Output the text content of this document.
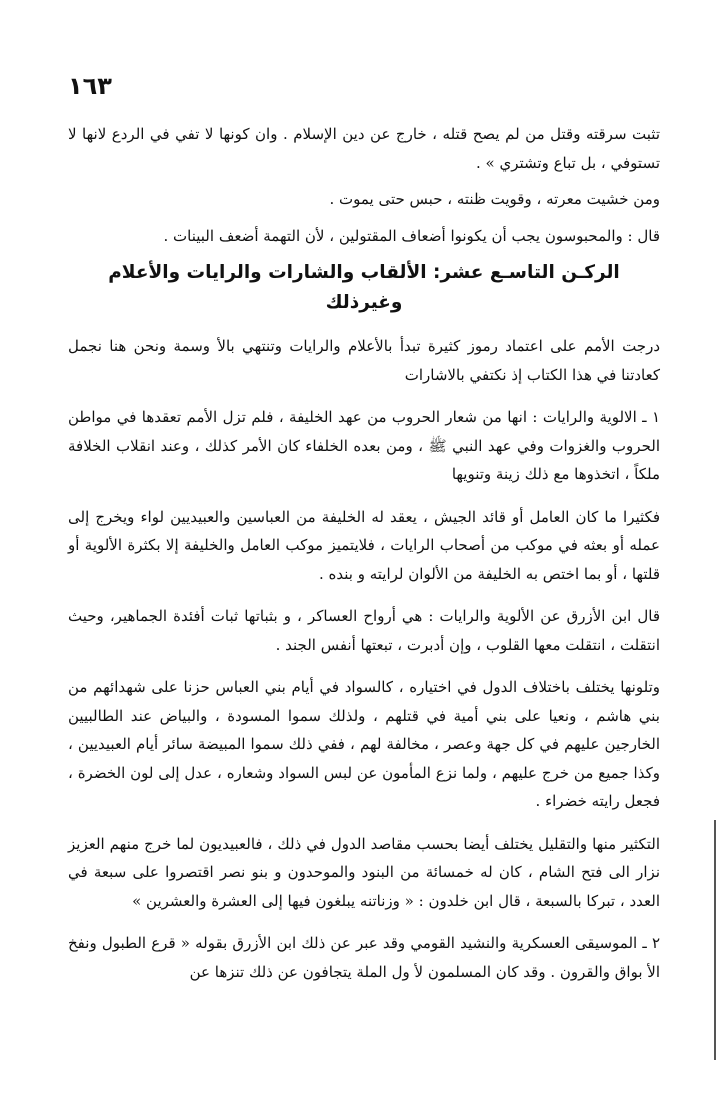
١٦٣

تثبت سرقته وقتل من لم يصح قتله ، خارج عن دين الإسلام . وان كونها لا تفي في الردع لانها لا تستوفي ، بل تباع وتشتري » .

ومن خشيت معرته ، وقويت ظنته ، حبس حتى يموت .

قال : والمحبوسون يجب أن يكونوا أضعاف المقتولين ، لأن التهمة أضعف البينات .

الركـن التاسـع عشر: الألقاب والشارات والرايات والأعلام وغيرذلك

درجت الأمم على اعتماد رموز كثيرة تبدأ بالأعلام والرايات وتنتهي بالأ وسمة ونحن هنا نجمل كعادتنا في هذا الكتاب إذ نكتفي بالاشارات

١ ـ الالوية والرايات : انها من شعار الحروب من عهد الخليفة ، فلم تزل الأمم تعقدها في مواطن الحروب والغزوات وفي عهد النبي ﷺ ، ومن بعده الخلفاء كان الأمر كذلك ، وعند انقلاب الخلافة ملكاً ، اتخذوها مع ذلك زينة وتنويها

فكثيرا ما كان العامل أو قائد الجيش ، يعقد له الخليفة من العباسين والعبيديين لواء ويخرج إلى عمله أو بعثه في موكب من أصحاب الرايات ، فلايتميز موكب العامل والخليفة إلا بكثرة الألوية أو قلتها ، أو بما اختص به الخليفة من الألوان لرايته و بنده .

قال ابن الأزرق عن الألوية والرايات : هي أرواح العساكر ، و بثباتها ثبات أفئدة الجماهير، وحيث انتقلت ، انتقلت معها القلوب ، وإن أدبرت ، تبعتها أنفس الجند .

وتلونها يختلف باختلاف الدول في اختياره ، كالسواد في أيام بني العباس حزنا على شهدائهم من بني هاشم ، ونعيا على بني أمية في قتلهم ، ولذلك سموا المسودة ، والبياض عند الطالبيين الخارجين عليهم في كل جهة وعصر ، مخالفة لهم ، ففي ذلك سموا المبيضة سائر أيام العبيديين ، وكذا جميع من خرج عليهم ، ولما نزع المأمون عن لبس السواد وشعاره ، عدل إلى لون الخضرة ، فجعل رايته خضراء .

التكثير منها والتقليل يختلف أيضا بحسب مقاصد الدول في ذلك ، فالعبيديون لما خرج منهم العزيز نزار الى فتح الشام ، كان له خمسائة من البنود والموحدون و بنو نصر اقتصروا على سبعة في العدد ، تبركا بالسبعة ، قال ابن خلدون : « وزناتنه يبلغون فيها إلى العشرة والعشرين »

٢ ـ الموسيقى العسكرية والنشيد القومي وقد عبر عن ذلك ابن الأزرق بقوله « قرع الطبول ونفخ الأ بواق والقرون . وقد كان المسلمون لأ ول الملة يتجافون عن ذلك تنزها عن
